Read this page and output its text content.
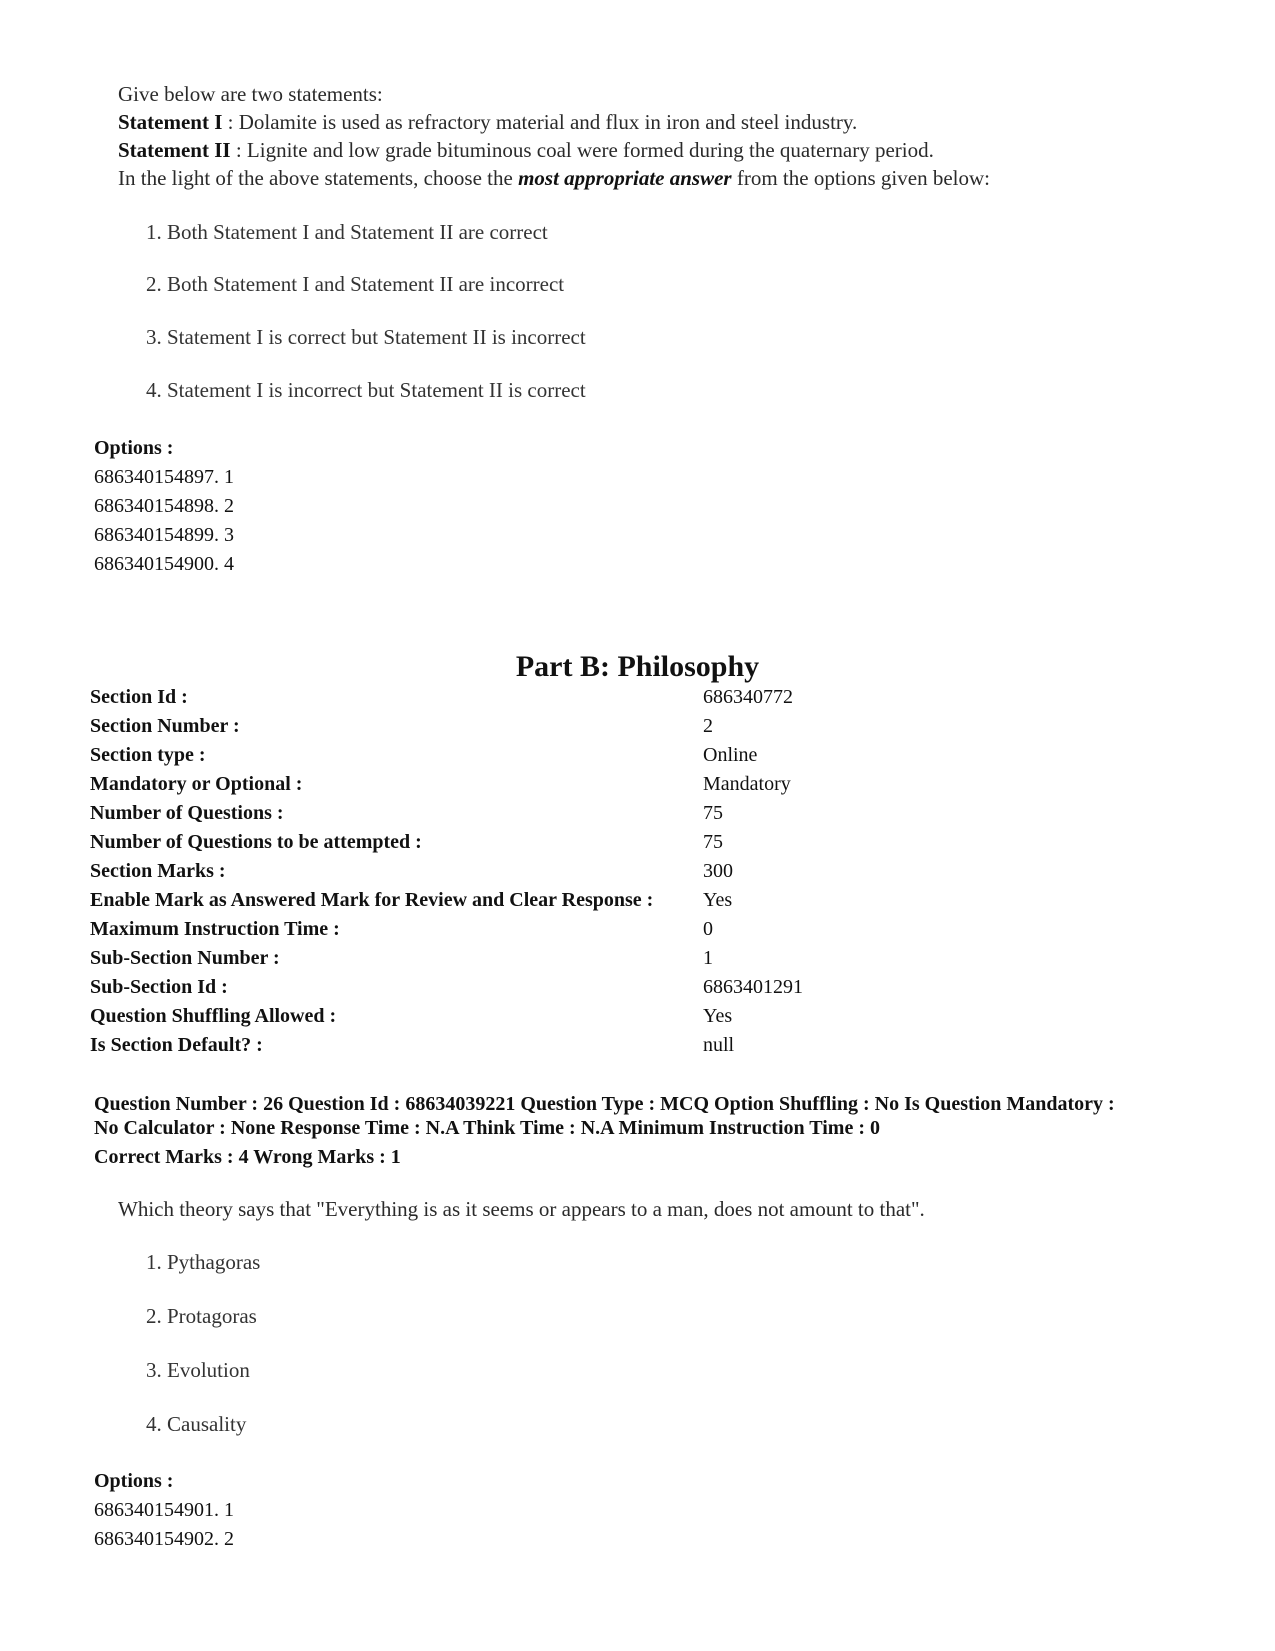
Give below are two statements:
Statement I : Dolamite is used as refractory material and flux in iron and steel industry.
Statement II : Lignite and low grade bituminous coal were formed during the quaternary period.
In the light of the above statements, choose the most appropriate answer from the options given below:
1. Both Statement I and Statement II are correct
2. Both Statement I and Statement II are incorrect
3. Statement I is correct but Statement II is incorrect
4. Statement I is incorrect but Statement II is correct
Options :
686340154897. 1
686340154898. 2
686340154899. 3
686340154900. 4
Part B: Philosophy
Section Id :	686340772
Section Number :	2
Section type :	Online
Mandatory or Optional :	Mandatory
Number of Questions :	75
Number of Questions to be attempted :	75
Section Marks :	300
Enable Mark as Answered Mark for Review and Clear Response : Yes
Maximum Instruction Time :	0
Sub-Section Number :	1
Sub-Section Id :	6863401291
Question Shuffling Allowed :	Yes
Is Section Default? :	null
Question Number : 26 Question Id : 68634039221 Question Type : MCQ Option Shuffling : No Is Question Mandatory :
No Calculator : None Response Time : N.A Think Time : N.A Minimum Instruction Time : 0
Correct Marks : 4 Wrong Marks : 1
Which theory says that "Everything is as it seems or appears to a man, does not amount to that".
1. Pythagoras
2. Protagoras
3. Evolution
4. Causality
Options :
686340154901. 1
686340154902. 2
